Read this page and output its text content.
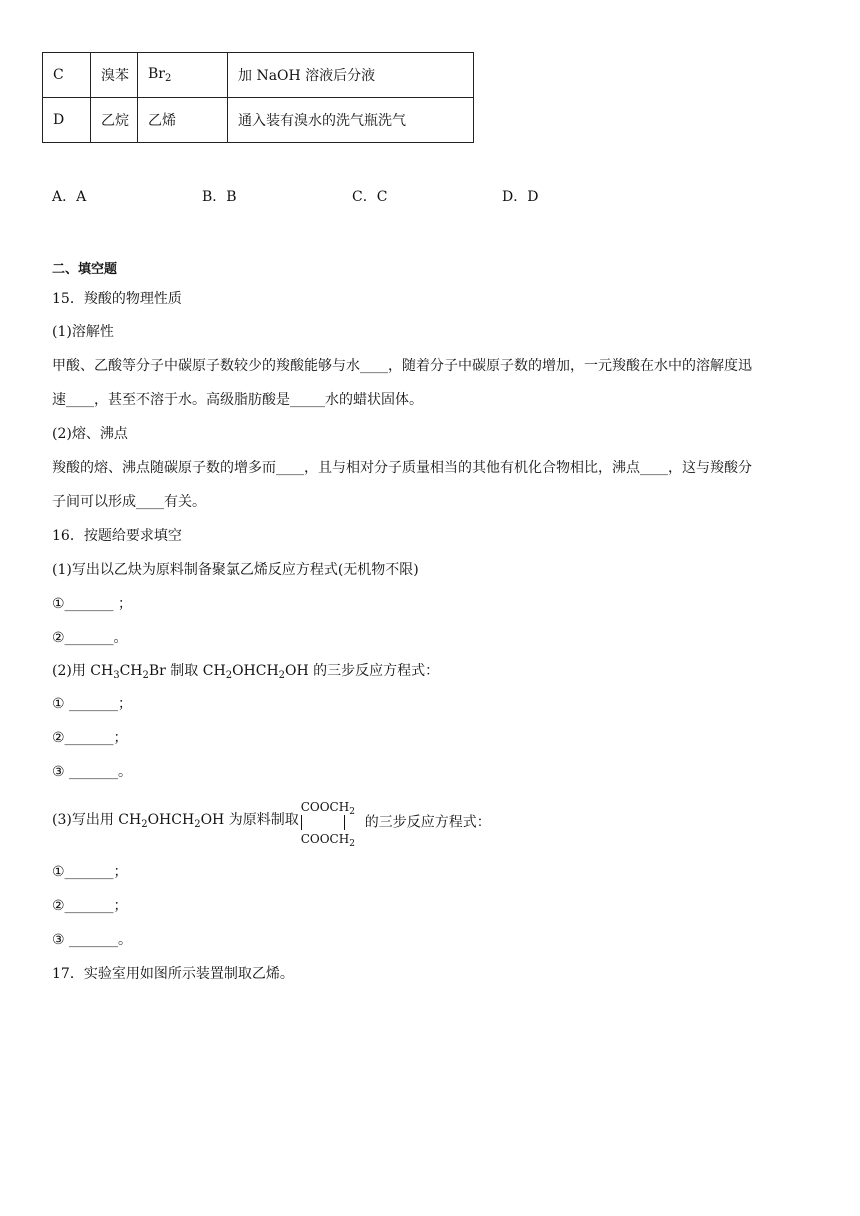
C	溴苯	$Br_2$	加 NaOH 溶液后分液
D	乙烷	乙烯	通入装有溴水的洗气瓶洗气
A．A	B．B	C．C	D．D
二、填空题
15．羧酸的物理性质
(1)溶解性
甲酸、乙酸等分子中碳原子数较少的羧酸能够与水____，随着分子中碳原子数的增加，一元羧酸在水中的溶解度迅
速____，甚至不溶于水。高级脂肪酸是_____水的蜡状固体。
(2)熔、沸点
羧酸的熔、沸点随碳原子数的增多而____，且与相对分子质量相当的其他有机化合物相比，沸点____，这与羧酸分
子间可以形成____有关。
16．按题给要求填空
(1)写出以乙炔为原料制备聚氯乙烯反应方程式(无机物不限)
①_______ ；
②_______。
(2)用 $CH_3CH_2Br$ 制取 $CH_2OHCH_2OH$ 的三步反应方程式：
① _______；
②_______；
③ _______。
(3)写出用 $CH_2OHCH_2OH$ 为原料制取
$COOCH_2$
$COOCH_2$
的三步反应方程式：
①_______；
②_______；
③ _______。
17．实验室用如图所示装置制取乙烯。
